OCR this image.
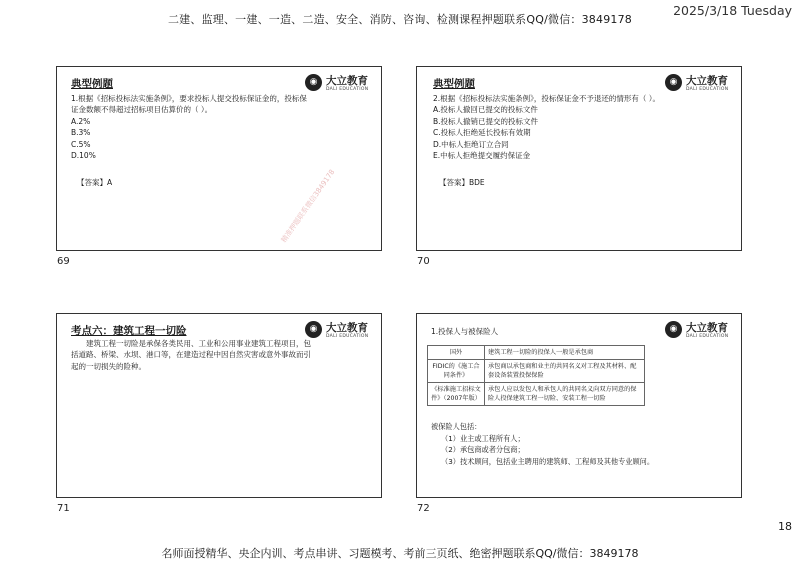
二建、监理、一建、一造、二造、安全、消防、咨询、检测课程押题联系QQ/微信：3849178
2025/3/18 Tuesday
典型例题	◉ 大立教育
DALI EDUCATION

1.根据《招标投标法实施条例》，要求投标人提交投标保证金的，投标保证金数额不得超过招标项目估算价的（ ）。

A.2%

B.3%

C.5%

D.10%

【答案】A	精准押题联系微信3849178
69
典型例题	◉ 大立教育
DALI EDUCATION

2.根据《招标投标法实施条例》，投标保证金不予退还的情形有（ ）。

A.投标人撤回已提交的投标文件

B.投标人撤销已提交的投标文件

C.投标人拒绝延长投标有效期

D.中标人拒绝订立合同

E.中标人拒绝提交履约保证金

【答案】BDE
70
考点六：建筑工程一切险	◉ 大立教育
DALI EDUCATION
建筑工程一切险是承保各类民用、工业和公用事业建筑工程项目，包括道路、桥梁、水坝、港口等，在建造过程中因自然灾害或意外事故而引起的一切损失的险种。
71
1.投保人与被保险人	◉ 大立教育
DALI EDUCATION
国外	建筑工程一切险的投保人一般是承包商
FIDIC的《施工合同条件》	承包商以承包商和业主的共同名义对工程及其材料、配套设备装置投保保险
《标准施工招标文件》（2007年版）	承包人应以发包人和承包人的共同名义向双方同意的保险人投保建筑工程一切险、安装工程一切险
被保险人包括：
（1）业主或工程所有人；
（2）承包商或者分包商；
（3）技术顾问，包括业主聘用的建筑师、工程师及其他专业顾问。
72
18
名师面授精华、央企内训、考点串讲、习题模考、考前三页纸、绝密押题联系QQ/微信：3849178
